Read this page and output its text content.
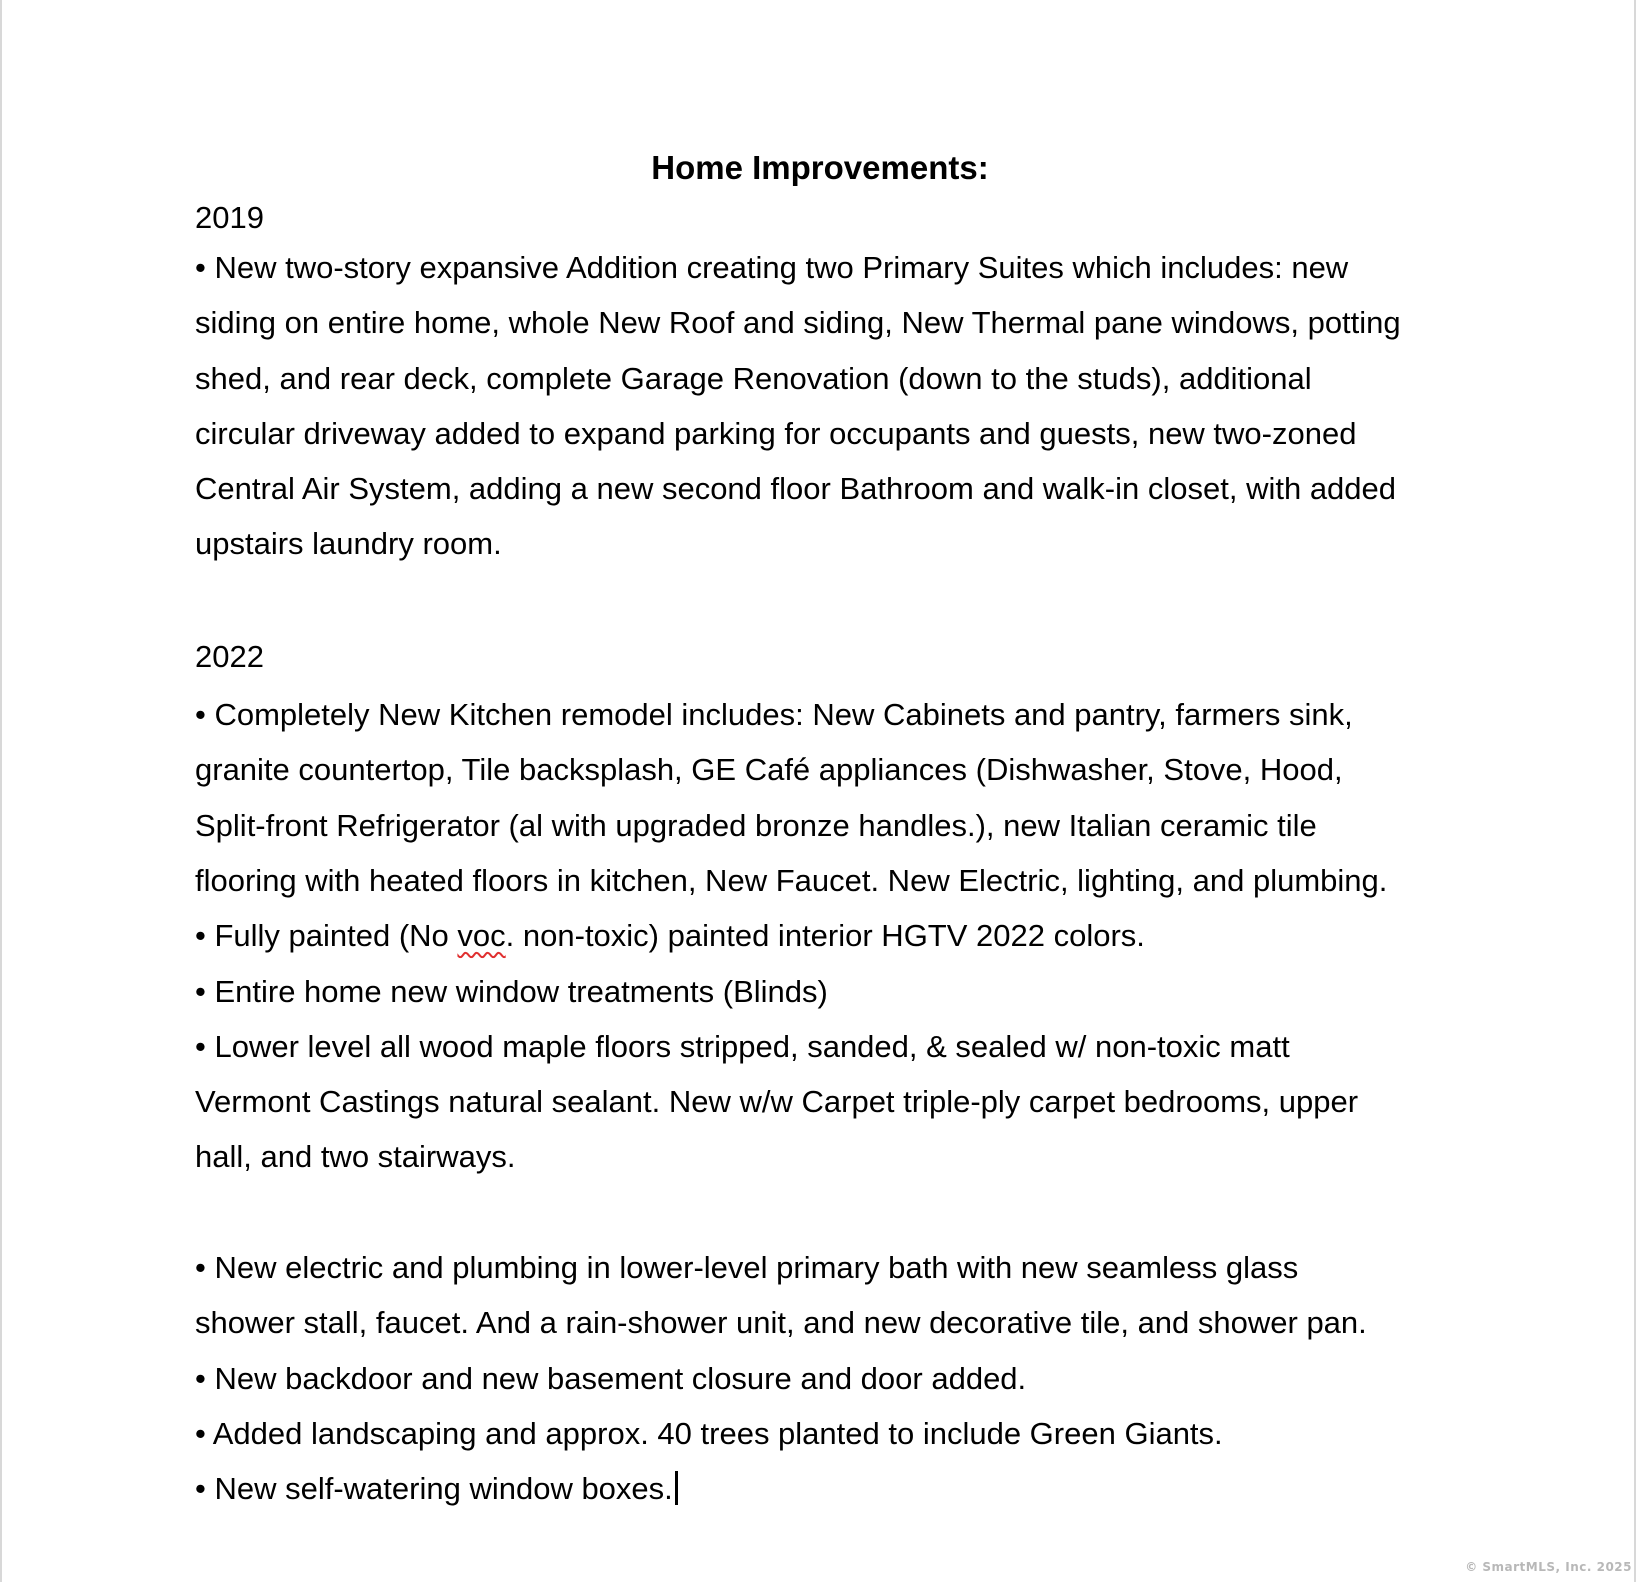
Home Improvements:

2019

• New two-story expansive Addition creating two Primary Suites which includes: new
siding on entire home, whole New Roof and siding, New Thermal pane windows, potting
shed, and rear deck, complete Garage Renovation (down to the studs), additional
circular driveway added to expand parking for occupants and guests, new two-zoned
Central Air System, adding a new second floor Bathroom and walk-in closet, with added
upstairs laundry room.

2022

• Completely New Kitchen remodel includes: New Cabinets and pantry, farmers sink,
granite countertop, Tile backsplash, GE Café appliances (Dishwasher, Stove, Hood,
Split-front Refrigerator (al with upgraded bronze handles.), new Italian ceramic tile
flooring with heated floors in kitchen, New Faucet. New Electric, lighting, and plumbing.

• Fully painted (No voc. non-toxic) painted interior HGTV 2022 colors.

• Entire home new window treatments (Blinds)

• Lower level all wood maple floors stripped, sanded, & sealed w/ non-toxic matt
Vermont Castings natural sealant. New w/w Carpet triple-ply carpet bedrooms, upper
hall, and two stairways.

• New electric and plumbing in lower-level primary bath with new seamless glass
shower stall, faucet. And a rain-shower unit, and new decorative tile, and shower pan.

• New backdoor and new basement closure and door added.

• Added landscaping and approx. 40 trees planted to include Green Giants.

• New self-watering window boxes.

© SmartMLS, Inc. 2025
